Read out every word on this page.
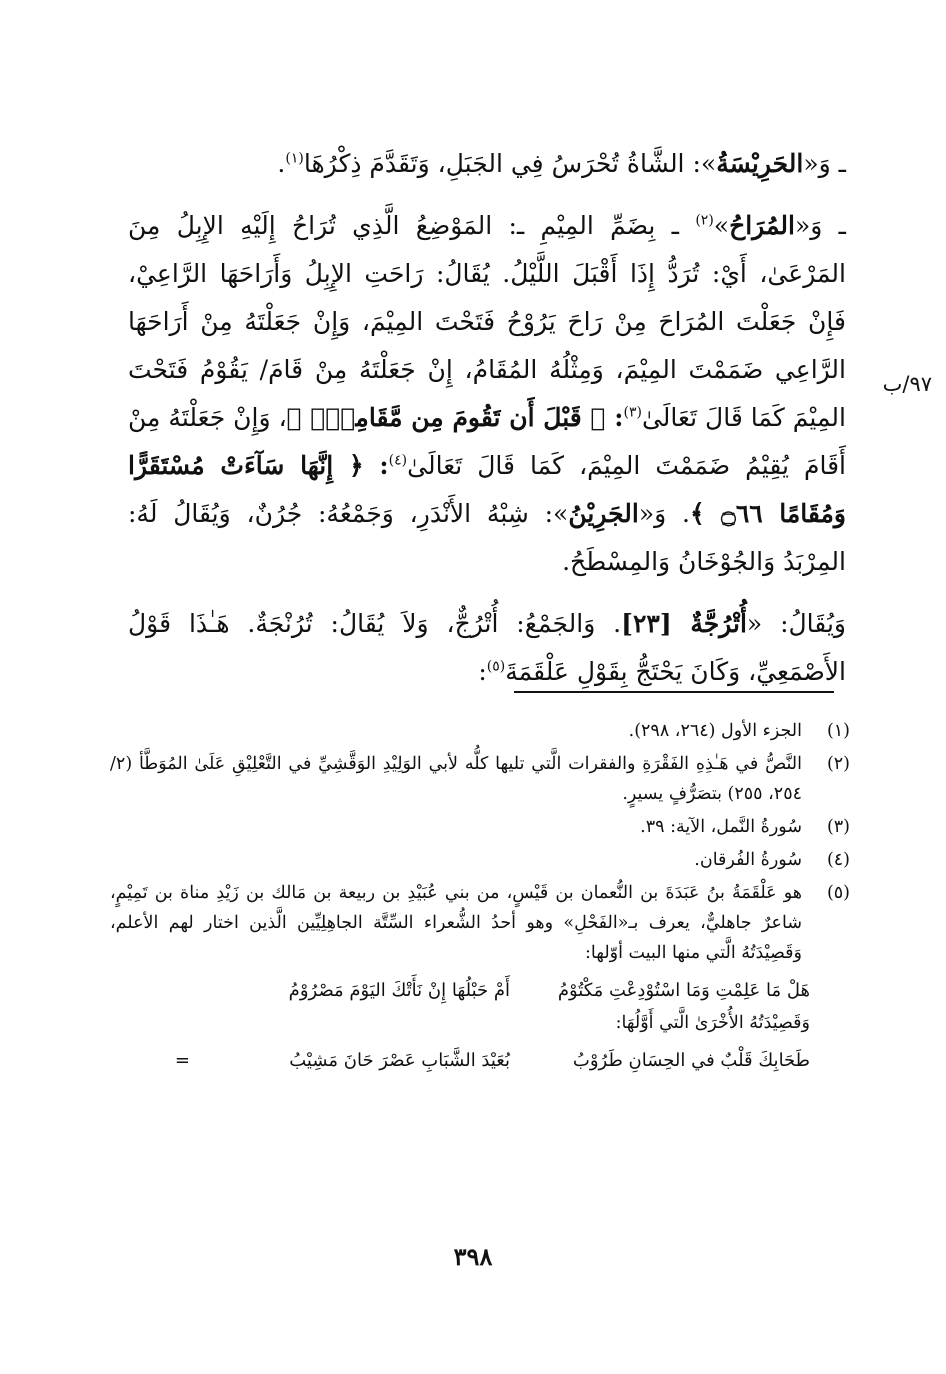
ـ وَ«الحَرِيْسَةُ»: الشَّاةُ تُحْرَسُ فِي الجَبَلِ، وَتَقَدَّمَ ذِكْرُهَا$^{(١)}$.

ـ وَ«المُرَاحُ»$^{(٢)}$ ـ بِضَمِّ المِيْمِ ـ: المَوْضِعُ الَّذِي تُرَاحُ إِلَيْهِ الإِبِلُ مِنَ المَرْعَىٰ، أَيْ: تُرَدُّ إِذَا أَقْبَلَ اللَّيْلُ. يُقَالُ: رَاحَتِ الإِبِلُ وَأَرَاحَهَا الرَّاعِيْ، فَإِنْ جَعَلْتَ المُرَاحَ مِنْ رَاحَ يَرُوْحُ فَتَحْتَ المِيْمَ، وَإِنْ جَعَلْتَهُ مِنْ أَرَاحَهَا الرَّاعِي ضَمَمْتَ المِيْمَ، وَمِثْلُهُ المُقَامُ، إِنْ جَعَلْتَهُ مِنْ قَامَ/ يَقُوْمُ فَتَحْتَ المِيْمَ كَمَا قَالَ تَعَالَىٰ$^{(٣)}$: ﴿ قَبْلَ أَن تَقُومَ مِن مَّقَامِكَۖ ﴾، وَإِنْ جَعَلْتَهُ مِنْ أَقَامَ يُقِيْمُ ضَمَمْتَ المِيْمَ، كَمَا قَالَ تَعَالَىٰ$^{(٤)}$: ﴿ إِنَّهَا سَآءَتْ مُسْتَقَرًّا وَمُقَامًا ۝٦٦ ﴾. وَ«الجَرِيْنُ»: شِبْهُ الأَنْدَرِ، وَجَمْعُهُ: جُرُنٌ، وَيُقَالُ لَهُ: المِرْبَدُ وَالجُوْخَانُ وَالمِسْطَحُ.

وَيُقَالُ: «أُتْرُجَّةٌ [٢٣]. وَالجَمْعُ: أُتْرُجٌّ، وَلاَ يُقَالُ: تُرُنْجَةٌ. هَـٰذَا قَوْلُ الأَصْمَعِيِّ، وَكَانَ يَحْتَجُّ بِقَوْلِ عَلْقَمَةَ$^{(٥)}$:

٩٧/ب
(١)
الجزء الأول (٢٦٤، ٢٩٨).
(٢)
النَّصُّ في هَـٰذِهِ الفَقْرَةِ والفقرات الَّتي تليها كلُّه لأبي الوَلِيْدِ الوَقَّشِيِّ في التَّعْلِيْقِ عَلَىٰ المُوَطَّأ (٢/ ٢٥٤، ٢٥٥) بتصَرُّفٍ يسيرٍ.
(٣)
سُورةُ النَّمل، الآية: ٣٩.
(٤)
سُورةُ الفُرقان.
(٥)
هو عَلْقَمَةُ بنُ عَبَدَةَ بن النُّعمان بن قَيْسٍ، من بني عُبَيْدِ بن ربيعة بن مَالك بن زَيْدِ مناة بن تَمِيْمٍ، شاعرٌ جاهليٌّ، يعرف بـ«الفَحْلِ» وهو أحدُ الشُّعراء السِّتَّة الجاهِلِيِّين الَّذين اختار لهم الأعلم، وَقَصِيْدَتُهُ الَّتي منها البيت أوّلها:
هَلْ مَا عَلِمْتِ وَمَا اسْتُوْدِعْتِ مَكْتُوْمُ
أَمْ حَبْلُهَا إِنْ نَأَتْكَ اليَوْمَ مَصْرُوْمُ
وَقَصِيْدَتُهُ الأُخْرَىٰ الَّتي أَوَّلُهَا:
طَحَابِكَ قَلْبٌ في الحِسَانِ طَرُوْبُ
بُعَيْدَ الشَّبَابِ عَصْرَ حَانَ مَشِيْبُ
=
٣٩٨
